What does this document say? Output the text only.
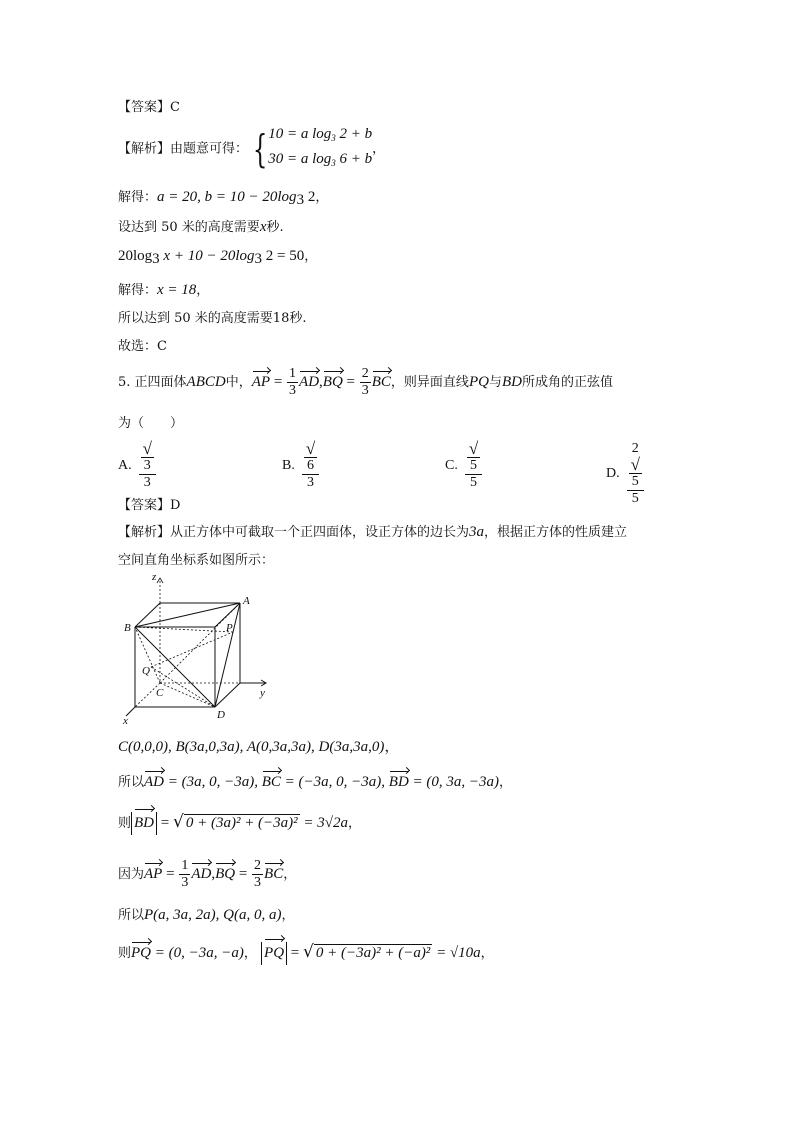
【答案】C
【解析】由题意可得： {10 = a $\log_3 2 + b$
30 = a $\log_3 6 + b$，
解得：a = 20, $b = 10 - 20\log_3$ 2，
设达到 50 米的高度需要x秒.
$20\log_3$ $x + 10 - 20\log_3$ 2 = 50，
解得：x = 18，
所以达到 50 米的高度需要18秒.
故选：C
5. 正四面体ABCD中，AP = $\frac{1}{3} AD,BQ = \frac{2}{3}$ BC，则异面直线PQ与BD所成角的正弦值
为（　　）
A. √
3
3	B. √
6
3	C. √
5
5	D. 2
√
5
5
【答案】D
【解析】从正方体中可截取一个正四面体，设正方体的边长为3a，根据正方体的性质建立
空间直角坐标系如图所示：
z
y
x
A
B
C
D
P
Q
C(0,0,0), B(3a,0,3a), A(0,3a,3a), D(3a,3a,0)，
所以AD = (3a, 0, −3a), BC = (−3a, 0, −3a), BD = (0, 3a, −3a)，
则 BD = √ 0 + (3a)² + (−3a)² = 3√2a，
因为AP = $\frac{1}{3} AD,BQ = \frac{2}{3}$ BC，
所以P(a, 3a, 2a), Q(a, 0, a)，
则PQ = (0, −3a, −a)， PQ = √ 0 + (−3a)² + (−a)² = √10a，
